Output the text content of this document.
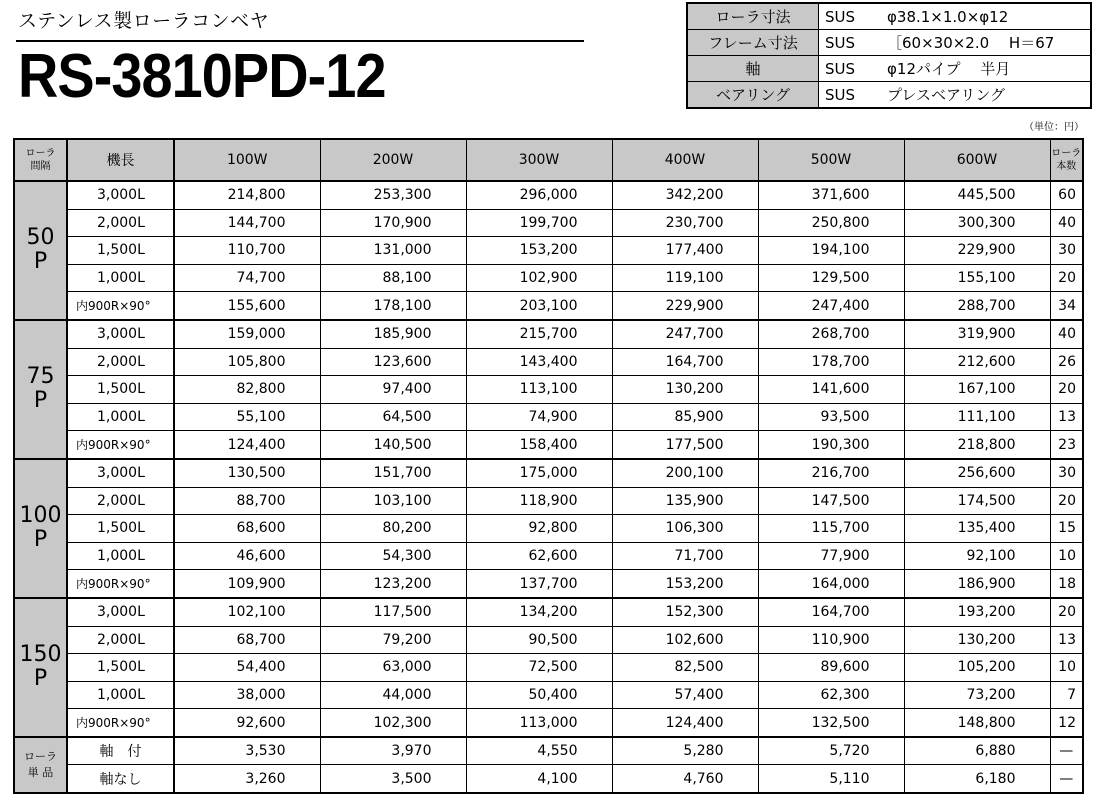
ステンレス製ローラコンベヤ
RS-3810PD-12
ローラ寸法	SUS	φ38.1×1.0×φ12
フレーム寸法	SUS	［60×30×2.0　 H＝67
軸	SUS	φ12パイプ　 半月
ベアリング	SUS	プレスベアリング
（単位：円）
ローラ
間隔	機長	100W	200W	300W	400W	500W	600W	ローラ
本数
50
P	3,000L	214,800	253,300	296,000	342,200	371,600	445,500	60
	2,000L	144,700	170,900	199,700	230,700	250,800	300,300	40
	1,500L	110,700	131,000	153,200	177,400	194,100	229,900	30
	1,000L	74,700	88,100	102,900	119,100	129,500	155,100	20
	内900R×90°	155,600	178,100	203,100	229,900	247,400	288,700	34
75
P	3,000L	159,000	185,900	215,700	247,700	268,700	319,900	40
	2,000L	105,800	123,600	143,400	164,700	178,700	212,600	26
	1,500L	82,800	97,400	113,100	130,200	141,600	167,100	20
	1,000L	55,100	64,500	74,900	85,900	93,500	111,100	13
	内900R×90°	124,400	140,500	158,400	177,500	190,300	218,800	23
100
P	3,000L	130,500	151,700	175,000	200,100	216,700	256,600	30
	2,000L	88,700	103,100	118,900	135,900	147,500	174,500	20
	1,500L	68,600	80,200	92,800	106,300	115,700	135,400	15
	1,000L	46,600	54,300	62,600	71,700	77,900	92,100	10
	内900R×90°	109,900	123,200	137,700	153,200	164,000	186,900	18
150
P	3,000L	102,100	117,500	134,200	152,300	164,700	193,200	20
	2,000L	68,700	79,200	90,500	102,600	110,900	130,200	13
	1,500L	54,400	63,000	72,500	82,500	89,600	105,200	10
	1,000L	38,000	44,000	50,400	57,400	62,300	73,200	7
	内900R×90°	92,600	102,300	113,000	124,400	132,500	148,800	12
ローラ
単 品	軸　付	3,530	3,970	4,550	5,280	5,720	6,880	—
	軸なし	3,260	3,500	4,100	4,760	5,110	6,180	—
